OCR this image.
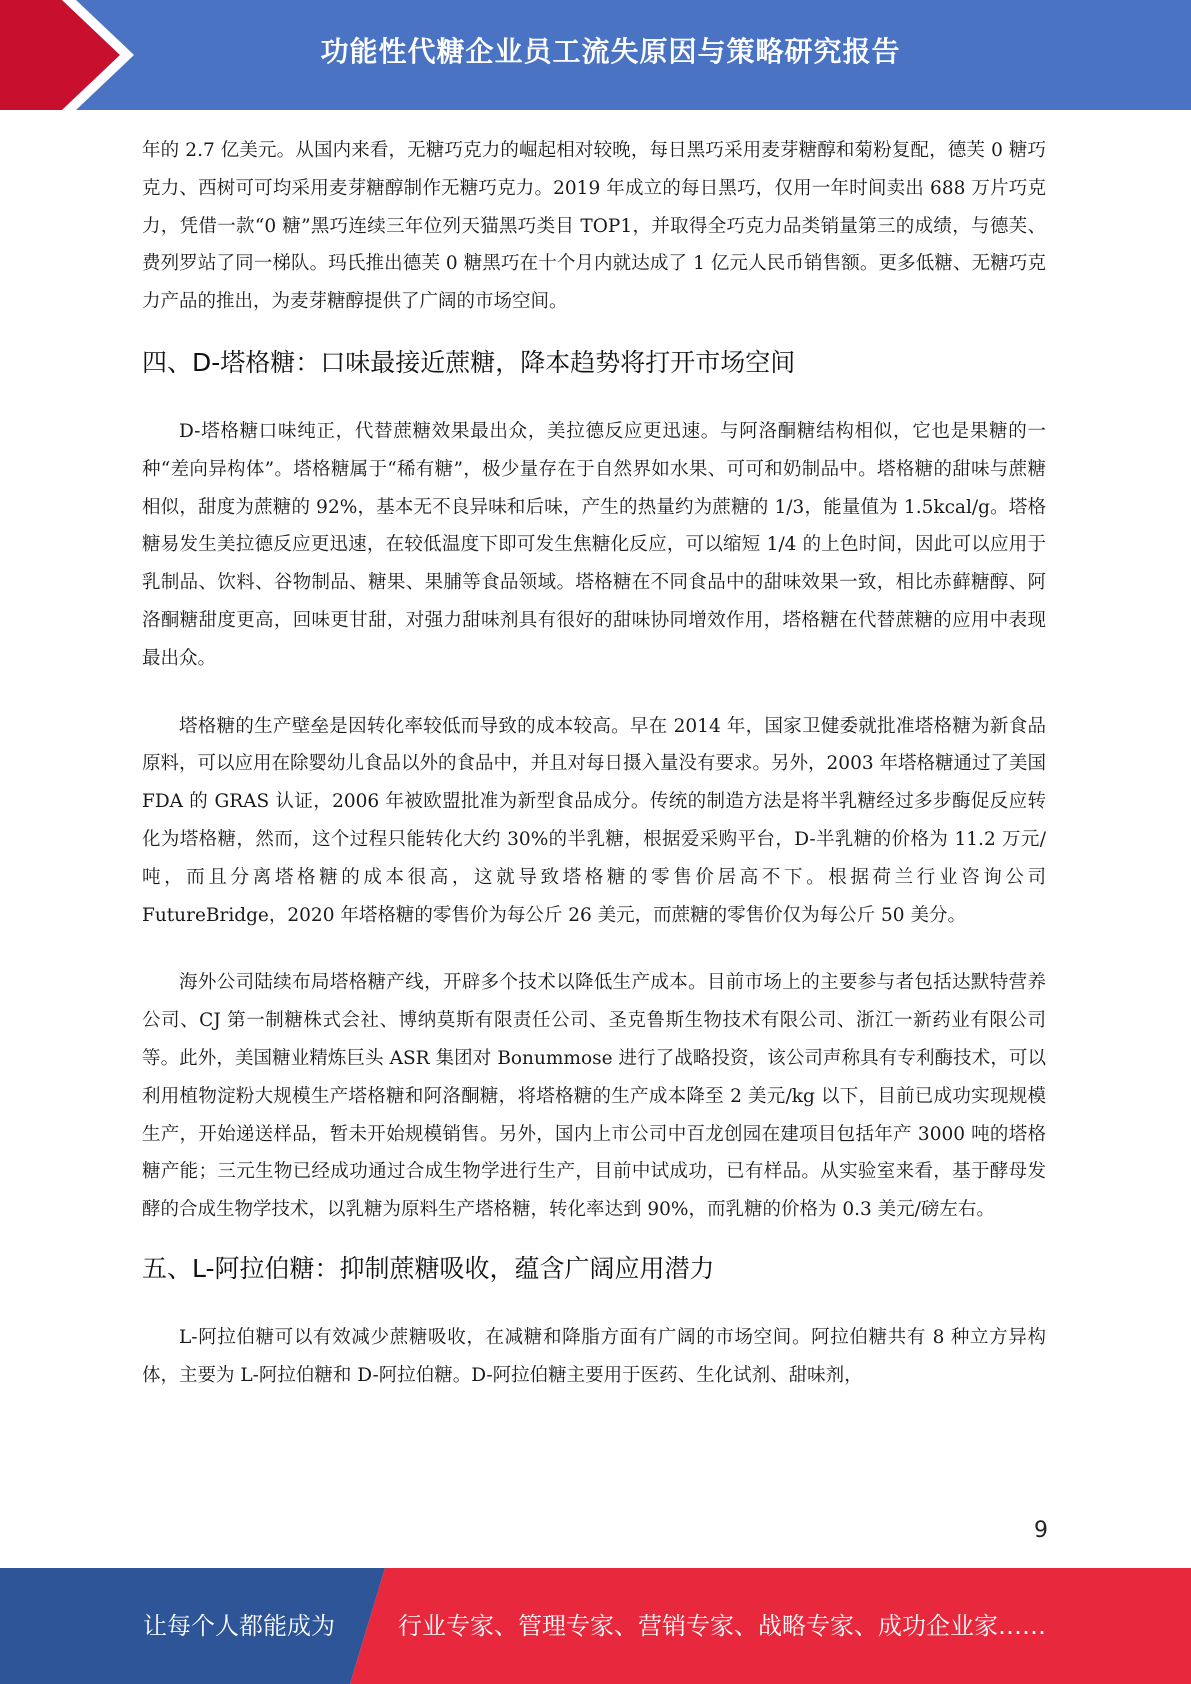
功能性代糖企业员工流失原因与策略研究报告

年的 2.7 亿美元。从国内来看，无糖巧克力的崛起相对较晚，每日黑巧采用麦芽糖醇和菊粉复配，德芙 0 糖巧克力、西树可可均采用麦芽糖醇制作无糖巧克力。2019 年成立的每日黑巧，仅用一年时间卖出 688 万片巧克力，凭借一款“0 糖”黑巧连续三年位列天猫黑巧类目 TOP1，并取得全巧克力品类销量第三的成绩，与德芙、费列罗站了同一梯队。玛氏推出德芙 0 糖黑巧在十个月内就达成了 1 亿元人民币销售额。更多低糖、无糖巧克力产品的推出，为麦芽糖醇提供了广阔的市场空间。

四、D-塔格糖：口味最接近蔗糖，降本趋势将打开市场空间

D-塔格糖口味纯正，代替蔗糖效果最出众，美拉德反应更迅速。与阿洛酮糖结构相似，它也是果糖的一种“差向异构体”。塔格糖属于“稀有糖”，极少量存在于自然界如水果、可可和奶制品中。塔格糖的甜味与蔗糖相似，甜度为蔗糖的 92%，基本无不良异味和后味，产生的热量约为蔗糖的 1/3，能量值为 1.5kcal/g。塔格糖易发生美拉德反应更迅速，在较低温度下即可发生焦糖化反应，可以缩短 1/4 的上色时间，因此可以应用于乳制品、饮料、谷物制品、糖果、果脯等食品领域。塔格糖在不同食品中的甜味效果一致，相比赤藓糖醇、阿洛酮糖甜度更高，回味更甘甜，对强力甜味剂具有很好的甜味协同增效作用，塔格糖在代替蔗糖的应用中表现最出众。

塔格糖的生产壁垒是因转化率较低而导致的成本较高。早在 2014 年，国家卫健委就批准塔格糖为新食品原料，可以应用在除婴幼儿食品以外的食品中，并且对每日摄入量没有要求。另外，2003 年塔格糖通过了美国 FDA 的 GRAS 认证，2006 年被欧盟批准为新型食品成分。传统的制造方法是将半乳糖经过多步酶促反应转化为塔格糖，然而，这个过程只能转化大约 30%的半乳糖，根据爱采购平台，D-半乳糖的价格为 11.2 万元/吨，而且分离塔格糖的成本很高，这就导致塔格糖的零售价居高不下。根据荷兰行业咨询公司 FutureBridge，2020 年塔格糖的零售价为每公斤 26 美元，而蔗糖的零售价仅为每公斤 50 美分。

海外公司陆续布局塔格糖产线，开辟多个技术以降低生产成本。目前市场上的主要参与者包括达默特营养公司、CJ 第一制糖株式会社、博纳莫斯有限责任公司、圣克鲁斯生物技术有限公司、浙江一新药业有限公司等。此外，美国糖业精炼巨头 ASR 集团对 Bonummose 进行了战略投资，该公司声称具有专利酶技术，可以利用植物淀粉大规模生产塔格糖和阿洛酮糖，将塔格糖的生产成本降至 2 美元/kg 以下，目前已成功实现规模生产，开始递送样品，暂未开始规模销售。另外，国内上市公司中百龙创园在建项目包括年产 3000 吨的塔格糖产能；三元生物已经成功通过合成生物学进行生产，目前中试成功，已有样品。从实验室来看，基于酵母发酵的合成生物学技术，以乳糖为原料生产塔格糖，转化率达到 90%，而乳糖的价格为 0.3 美元/磅左右。

五、L-阿拉伯糖：抑制蔗糖吸收，蕴含广阔应用潜力

L-阿拉伯糖可以有效减少蔗糖吸收，在减糖和降脂方面有广阔的市场空间。阿拉伯糖共有 8 种立方异构体，主要为 L-阿拉伯糖和 D-阿拉伯糖。D-阿拉伯糖主要用于医药、生化试剂、甜味剂，

9
让每个人都能成为	行业专家、管理专家、营销专家、战略专家、成功企业家……
